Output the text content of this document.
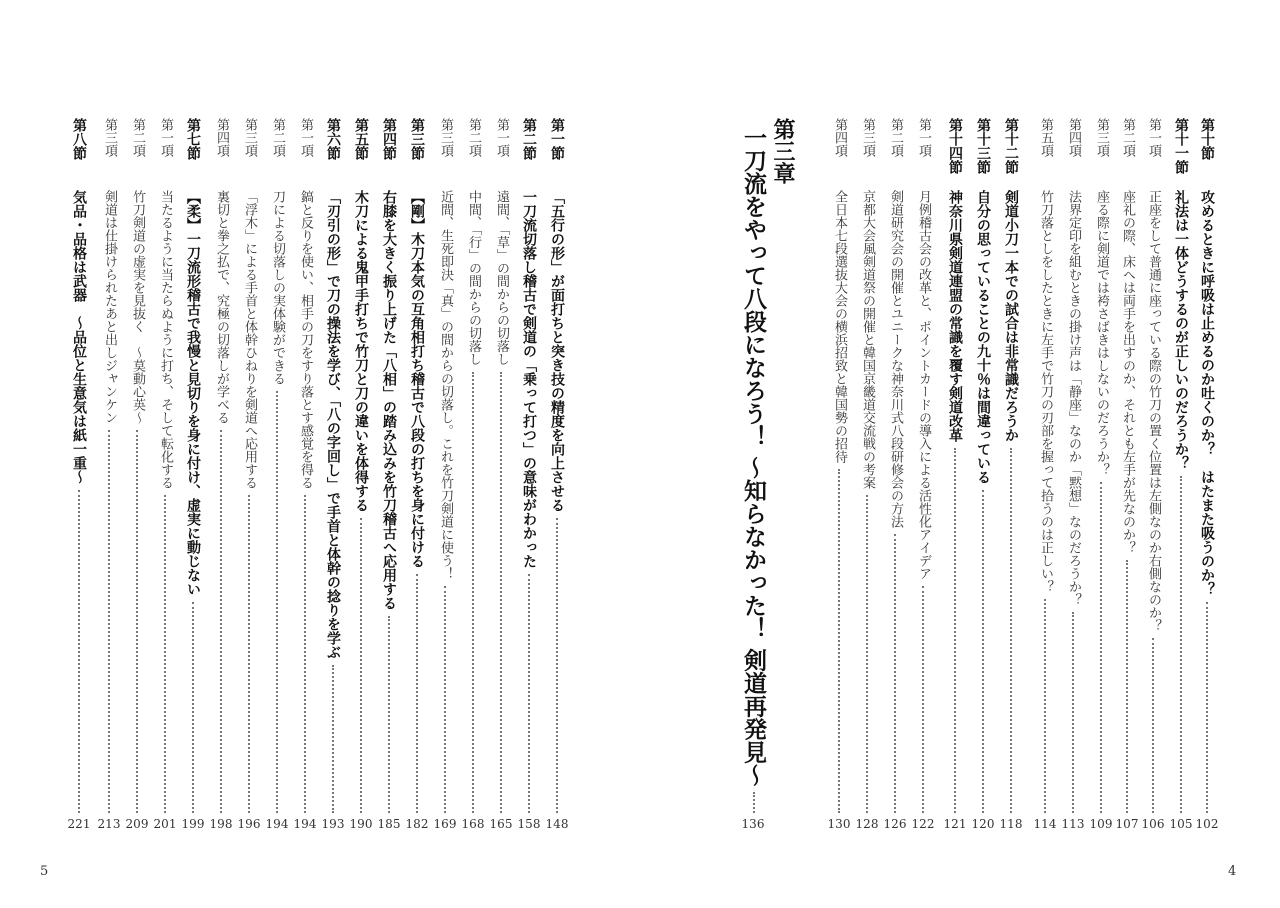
第十節
攻めるときに呼吸は止めるのか吐くのか？　はたまた吸うのか？
102
第十一節
礼法は一体どうするのが正しいのだろうか？
105
第一項
正座をして普通に座っている際の竹刀の置く位置は左側なのか右側なのか？
106
第二項
座礼の際、床へは両手を出すのか、それとも左手が先なのか？
107
第三項
座る際に剣道では袴さばきはしないのだろうか？
109
第四項
法界定印を組むときの掛け声は「静座」なのか「黙想」なのだろうか？
113
第五項
竹刀落としをしたときに左手で竹刀の刃部を握って拾うのは正しい？
114
第十二節
剣道小刀一本での試合は非常識だろうか
118
第十三節
自分の思っていることの九十％は間違っている
120
第十四節
神奈川県剣道連盟の常識を覆す剣道改革
121
第一項
月例稽古会の改革と、ポイントカードの導入による活性化アイデア
122
第二項
剣道研究会の開催とユニークな神奈川式八段研修会の方法
126
第三項
京都大会風剣道祭の開催と韓国京畿道交流戦の考案
128
第四項
全日本七段選抜大会の横浜招致と韓国勢の招待
130
第三章
一刀流をやって八段になろう！ ～知らなかった！ 剣道再発見～
136
第一節
「五行の形」が面打ちと突き技の精度を向上させる
148
第二節
一刀流切落し稽古で剣道の「乗って打つ」の意味がわかった
158
第一項
遠間、「草」の間からの切落し
165
第二項
中間、「行」の間からの切落し
168
第三項
近間、生死即決「真」の間からの切落し。これを竹刀剣道に使う！
169
第三節
【剛】木刀本気の互角相打ち稽古で八段の打ちを身に付ける
182
第四節
右膝を大きく振り上げた「八相」の踏み込みを竹刀稽古へ応用する
185
第五節
木刀による鬼甲手打ちで竹刀と刀の違いを体得する
190
第六節
「刃引の形」で刀の操法を学び、「八の字回し」で手首と体幹の捻りを学ぶ
193
第一項
鎬と反りを使い、相手の刀をすり落とす感覚を得る
194
第二項
刀による切落しの実体験ができる
194
第三項
「浮木」による手首と体幹ひねりを剣道へ応用する
196
第四項
裏切と拳之払で、究極の切落しが学べる
198
第七節
【柔】一刀流形稽古で我慢と見切りを身に付け、虚実に動じない
199
第一項
当たるように当たらぬように打ち、そして転化する
201
第二項
竹刀剣道の虚実を見抜く　～莫動心英～
209
第三項
剣道は仕掛けられたあと出しジャンケン
213
第八節
気品・品格は武器　～品位と生意気は紙一重～
221
5	4
